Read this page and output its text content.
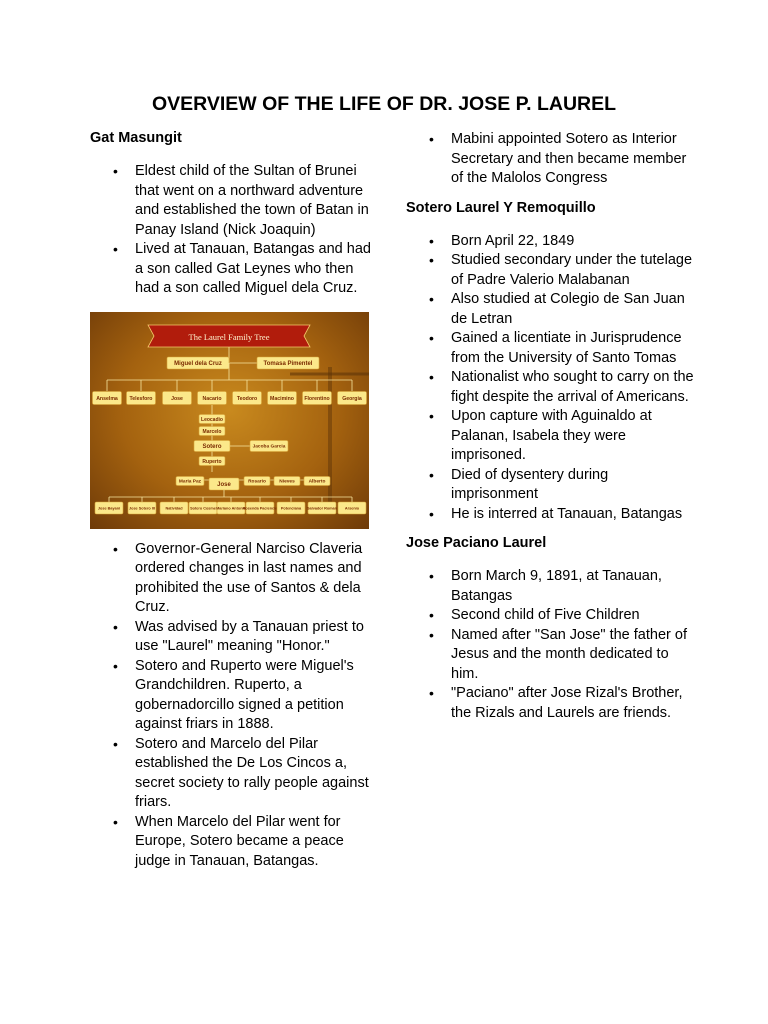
OVERVIEW OF THE LIFE OF DR. JOSE P. LAUREL
Gat Masungit
• Eldest child of the Sultan of Brunei that went on a northward adventure and established the town of Batan in Panay Island (Nick Joaquin)
• Lived at Tanauan, Batangas and had a son called Gat Leynes who then had a son called Miguel dela Cruz.
The Laurel Family Tree
Miguel dela Cruz	Tomasa Pimentel
Anselma Telesforo	Jose	Nacario	Teodoro Macimino Florentino Georgia
Leocadio
Marcelo
Sotero
Ruperto
Jacoba Garcia
Maria Paz	Jose	Rosario	Nieves	Alberto
Jose Bayani Jose Sotero III	Natividad Sotero Cosme Mariano Antonio
Rosenda Paciencia Potenciana Salvador Roman Arsenio
• Governor-General Narciso Claveria ordered changes in last names and prohibited the use of Santos & dela Cruz.
• Was advised by a Tanauan priest to use "Laurel" meaning "Honor."
• Sotero and Ruperto were Miguel's Grandchildren. Ruperto, a gobernadorcillo signed a petition against friars in 1888.
• Sotero and Marcelo del Pilar established the De Los Cincos a, secret society to rally people against friars.
• When Marcelo del Pilar went for Europe, Sotero became a peace judge in Tanauan, Batangas.
• Mabini appointed Sotero as Interior Secretary and then became member of the Malolos Congress
Sotero Laurel Y Remoquillo
• Born April 22, 1849
• Studied secondary under the tutelage of Padre Valerio Malabanan
• Also studied at Colegio de San Juan de Letran
• Gained a licentiate in Jurisprudence from the University of Santo Tomas
• Nationalist who sought to carry on the fight despite the arrival of Americans.
• Upon capture with Aguinaldo at Palanan, Isabela they were imprisoned.
• Died of dysentery during imprisonment
• He is interred at Tanauan, Batangas
Jose Paciano Laurel
• Born March 9, 1891, at Tanauan, Batangas
• Second child of Five Children
• Named after "San Jose" the father of Jesus and the month dedicated to him.
• "Paciano" after Jose Rizal's Brother, the Rizals and Laurels are friends.
